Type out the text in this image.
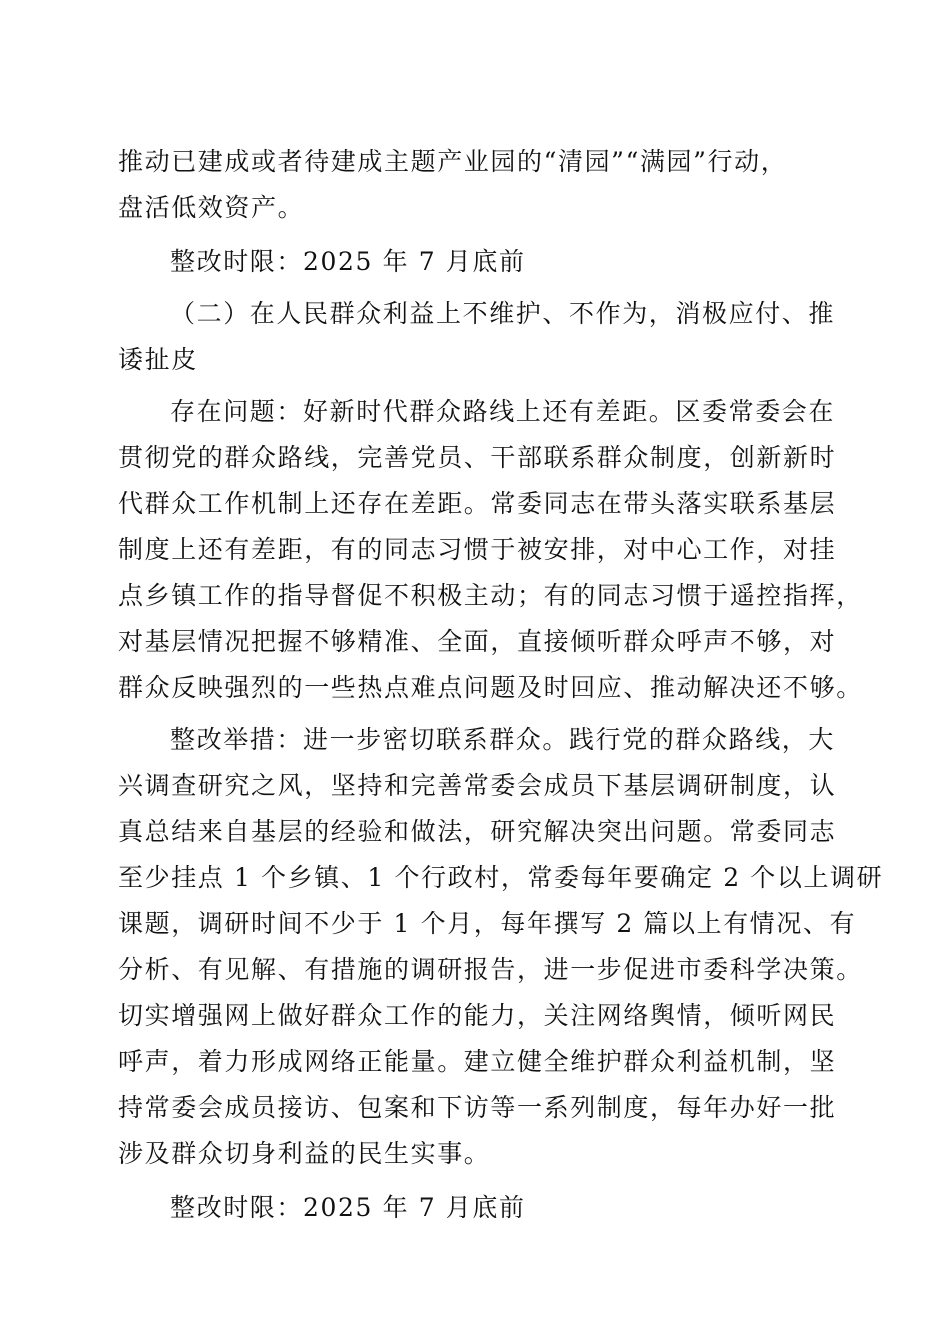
推动已建成或者待建成主题产业园的“清园”“满园”行动，
盘活低效资产。
整改时限：2025 年 7 月底前
（二）在人民群众利益上不维护、不作为，消极应付、推
诿扯皮
存在问题：好新时代群众路线上还有差距。区委常委会在
贯彻党的群众路线，完善党员、干部联系群众制度，创新新时
代群众工作机制上还存在差距。常委同志在带头落实联系基层
制度上还有差距，有的同志习惯于被安排，对中心工作，对挂
点乡镇工作的指导督促不积极主动；有的同志习惯于遥控指挥，
对基层情况把握不够精准、全面，直接倾听群众呼声不够，对
群众反映强烈的一些热点难点问题及时回应、推动解决还不够。
整改举措：进一步密切联系群众。践行党的群众路线，大
兴调查研究之风，坚持和完善常委会成员下基层调研制度，认
真总结来自基层的经验和做法，研究解决突出问题。常委同志
至少挂点 1 个乡镇、1 个行政村，常委每年要确定 2 个以上调研
课题，调研时间不少于 1 个月，每年撰写 2 篇以上有情况、有
分析、有见解、有措施的调研报告，进一步促进市委科学决策。
切实增强网上做好群众工作的能力，关注网络舆情，倾听网民
呼声，着力形成网络正能量。建立健全维护群众利益机制，坚
持常委会成员接访、包案和下访等一系列制度，每年办好一批
涉及群众切身利益的民生实事。
整改时限：2025 年 7 月底前
